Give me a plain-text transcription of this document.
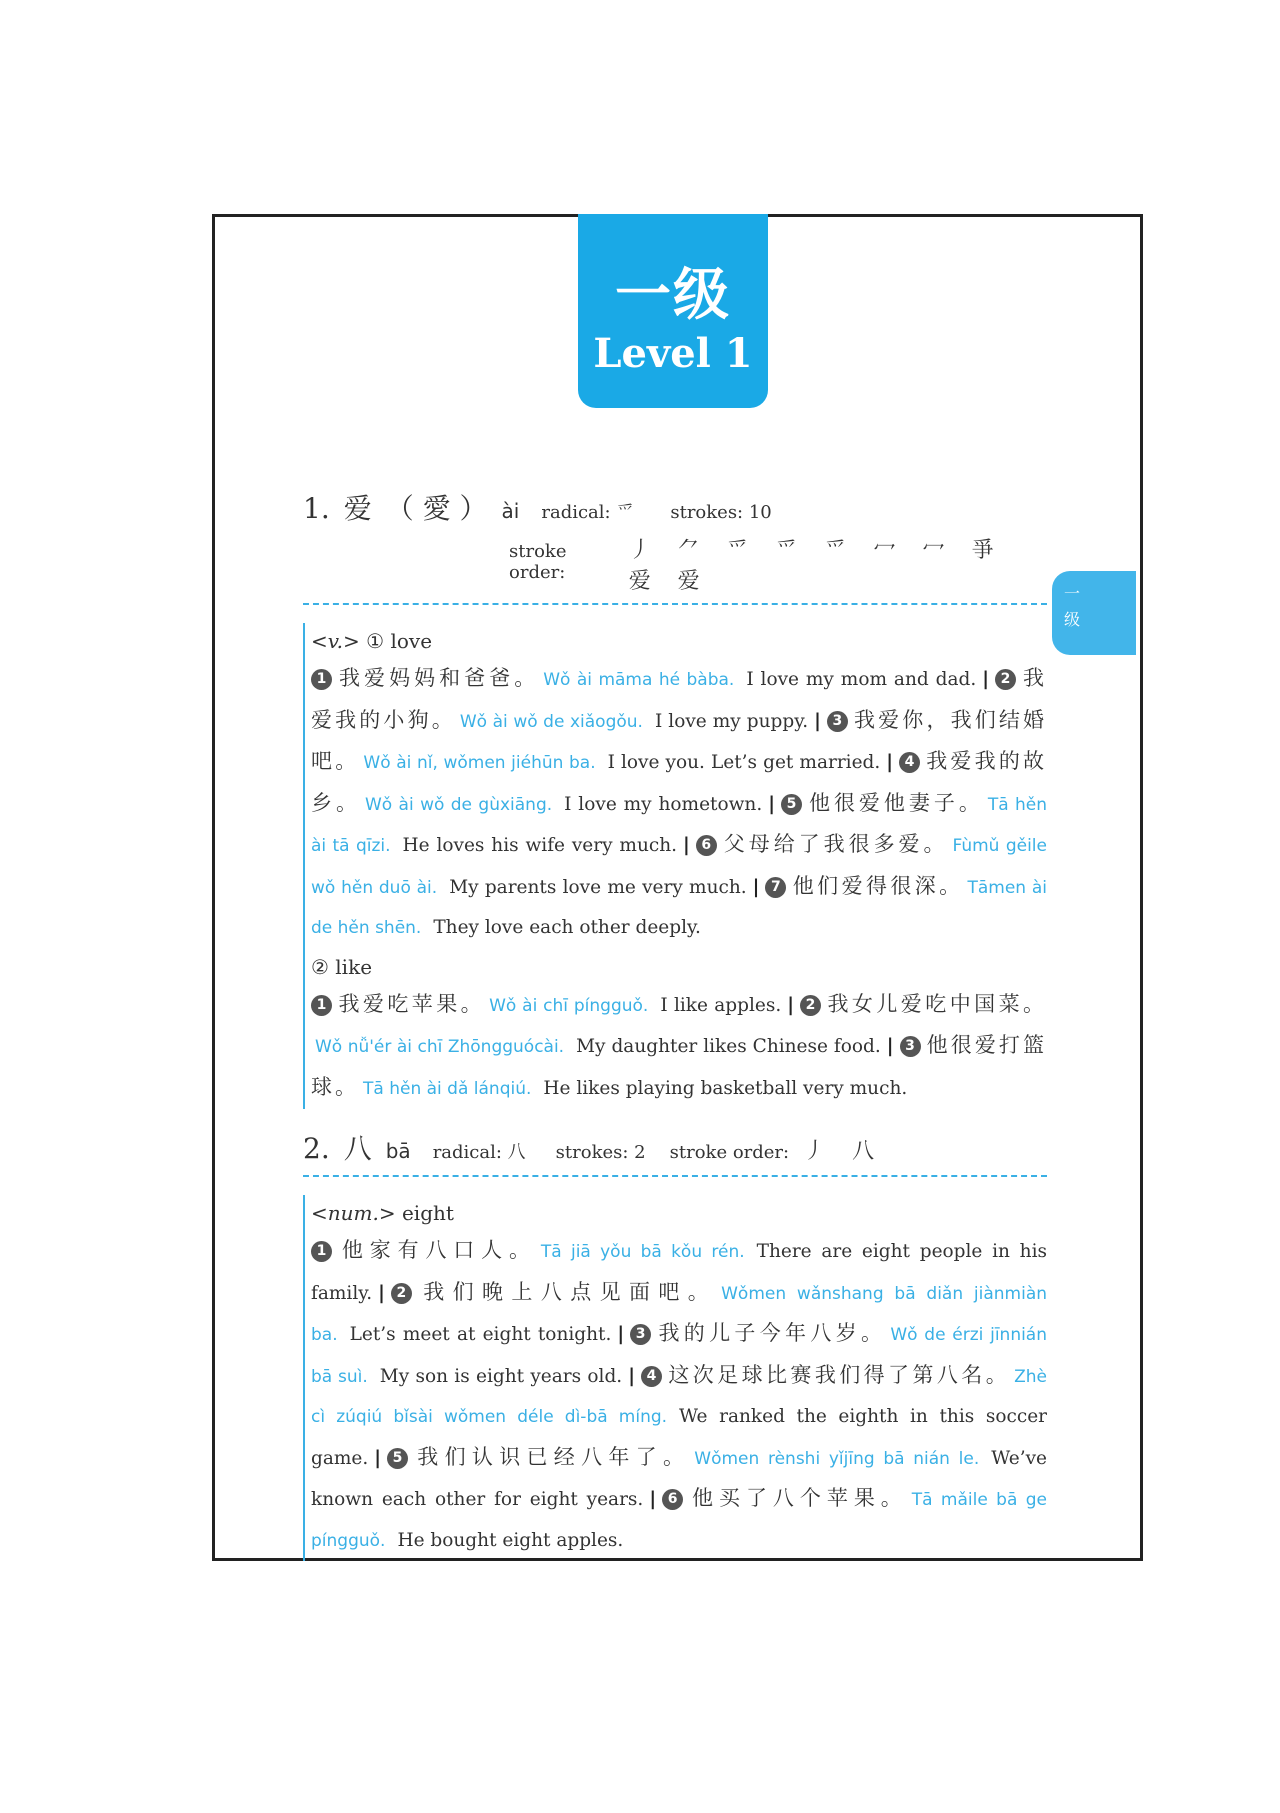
一级
Level 1
1. 爱 （ 愛 ） ài radical: 爫 strokes: 10
stroke order:
丿 ⺈ 爫 爫 爫 冖 冖 爭 爱 爱
<v.> ① love
1 我爱妈妈和爸爸。 Wǒ ài māma hé bàba. I love my mom and dad. | 2 我爱我的小狗。 Wǒ ài wǒ de xiǎogǒu. I love my puppy. | 3 我爱你，我们结婚吧。 Wǒ ài nǐ, wǒmen jiéhūn ba. I love you. Let’s get married. | 4 我爱我的故乡。 Wǒ ài wǒ de gùxiāng. I love my hometown. | 5 他很爱他妻子。 Tā hěn ài tā qīzi. He loves his wife very much. | 6 父母给了我很多爱。 Fùmǔ gěile wǒ hěn duō ài. My parents love me very much. | 7 他们爱得很深。 Tāmen ài de hěn shēn. They love each other deeply.
② like
1 我爱吃苹果。 Wǒ ài chī píngguǒ. I like apples. | 2 我女儿爱吃中国菜。Wǒ nǚ'ér ài chī Zhōngguócài. My daughter likes Chinese food. | 3 他很爱打篮球。 Tā hěn ài dǎ lánqiú. He likes playing basketball very much.
2. 八 bā radical: 八 strokes: 2 stroke order: 丿 八
<num.> eight
1 他家有八口人。 Tā jiā yǒu bā kǒu rén. There are eight people in his family. | 2 我们晚上八点见面吧。 Wǒmen wǎnshang bā diǎn jiànmiàn ba. Let’s meet at eight tonight. | 3 我的儿子今年八岁。 Wǒ de érzi jīnnián bā suì. My son is eight years old. | 4 这次足球比赛我们得了第八名。 Zhè cì zúqiú bǐsài wǒmen déle dì-bā míng. We ranked the eighth in this soccer game. | 5 我们认识已经八年了。 Wǒmen rènshi yǐjīng bā nián le. We’ve known each other for eight years. | 6 他买了八个苹果。 Tā mǎile bā ge píngguǒ. He bought eight apples.
一
级
